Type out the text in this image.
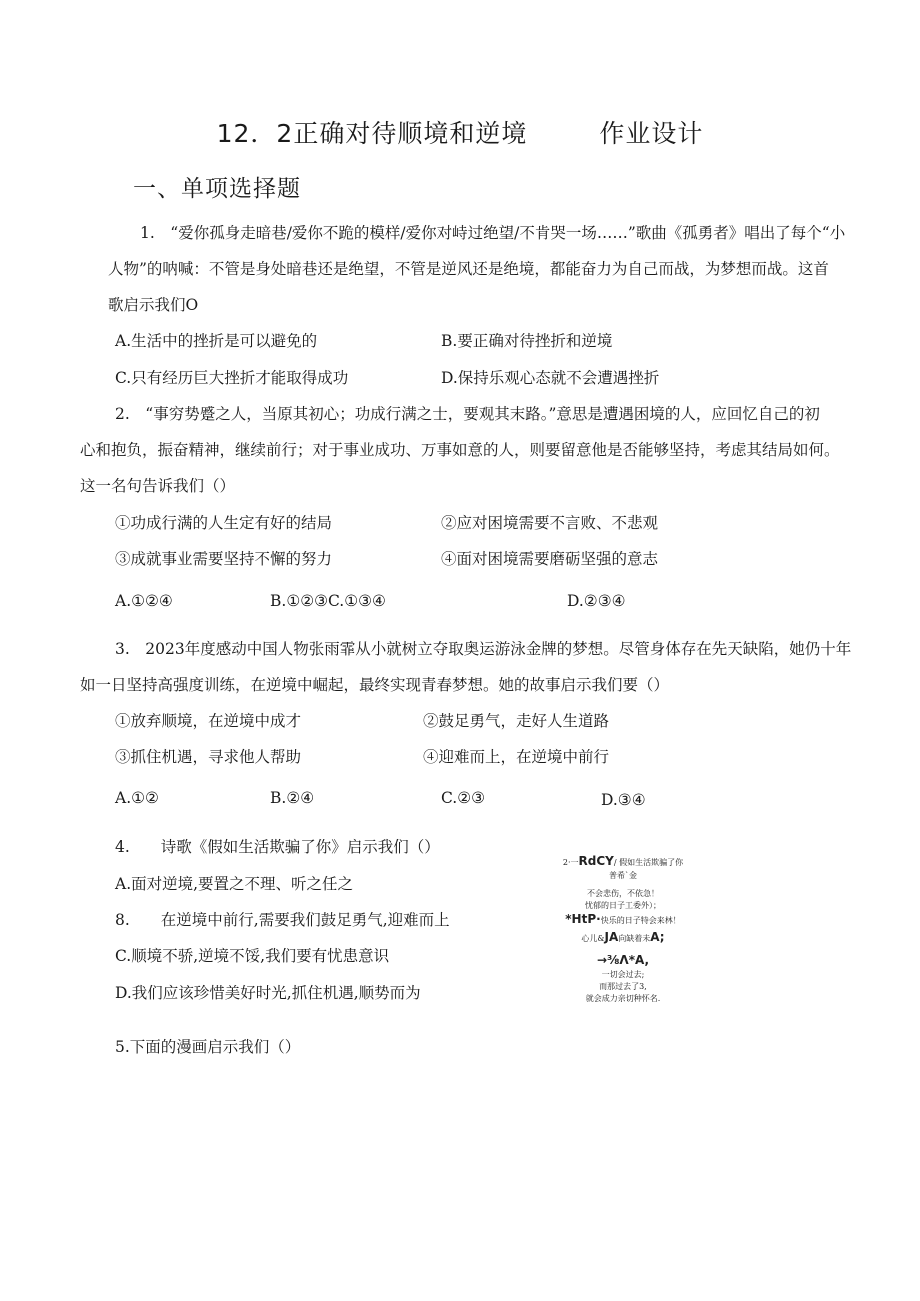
12．2正确对待顺境和逆境	作业设计
一、单项选择题
1.　“爱你孤身走暗巷/爱你不跪的模样/爱你对峙过绝望/不肯哭一场……”歌曲《孤勇者》唱出了每个“小
人物”的呐喊：不管是身处暗巷还是绝望，不管是逆风还是绝境，都能奋力为自己而战，为梦想而战。这首
歌启示我们O
A.生活中的挫折是可以避免的	B.要正确对待挫折和逆境
C.只有经历巨大挫折才能取得成功	D.保持乐观心态就不会遭遇挫折
2.　“事穷势蹙之人，当原其初心；功成行满之士，要观其末路。”意思是遭遇困境的人，应回忆自己的初
心和抱负，振奋精神，继续前行；对于事业成功、万事如意的人，则要留意他是否能够坚持，考虑其结局如何。
这一名句告诉我们（）
①功成行满的人生定有好的结局	②应对困境需要不言败、不悲观
③成就事业需要坚持不懈的努力	④面对困境需要磨砺坚强的意志
A.①②④	B.①②③C.①③④	D.②③④
3.　2023年度感动中国人物张雨霏从小就树立夺取奥运游泳金牌的梦想。尽管身体存在先天缺陷，她仍十年
如一日坚持高强度训练，在逆境中崛起，最终实现青春梦想。她的故事启示我们要（）
①放弃顺境，在逆境中成才	②鼓足勇气，走好人生道路
③抓住机遇，寻求他人帮助	④迎难而上，在逆境中前行
A.①②	B.②④	C.②③	D.③④
4.　　诗歌《假如生活欺骗了你》启示我们（）
A.面对逆境,要置之不理、听之任之
8.　　在逆境中前行,需要我们鼓足勇气,迎难而上
C.顺境不骄,逆境不馁,我们要有忧患意识
D.我们应该珍惜美好时光,抓住机遇,顺势而为
2·一RdCY/ 假如生活欺骗了你
普希`金
不会悲伤，不依急！
忧郁的日子工委外）；
*HtP·快乐的日子特会来林！
心儿&JA向缺着未A;
→⅜Λ*A,
一切会过去;
而那过去了3,
就会成力亲切种怀名.
5.下面的漫画启示我们（）
